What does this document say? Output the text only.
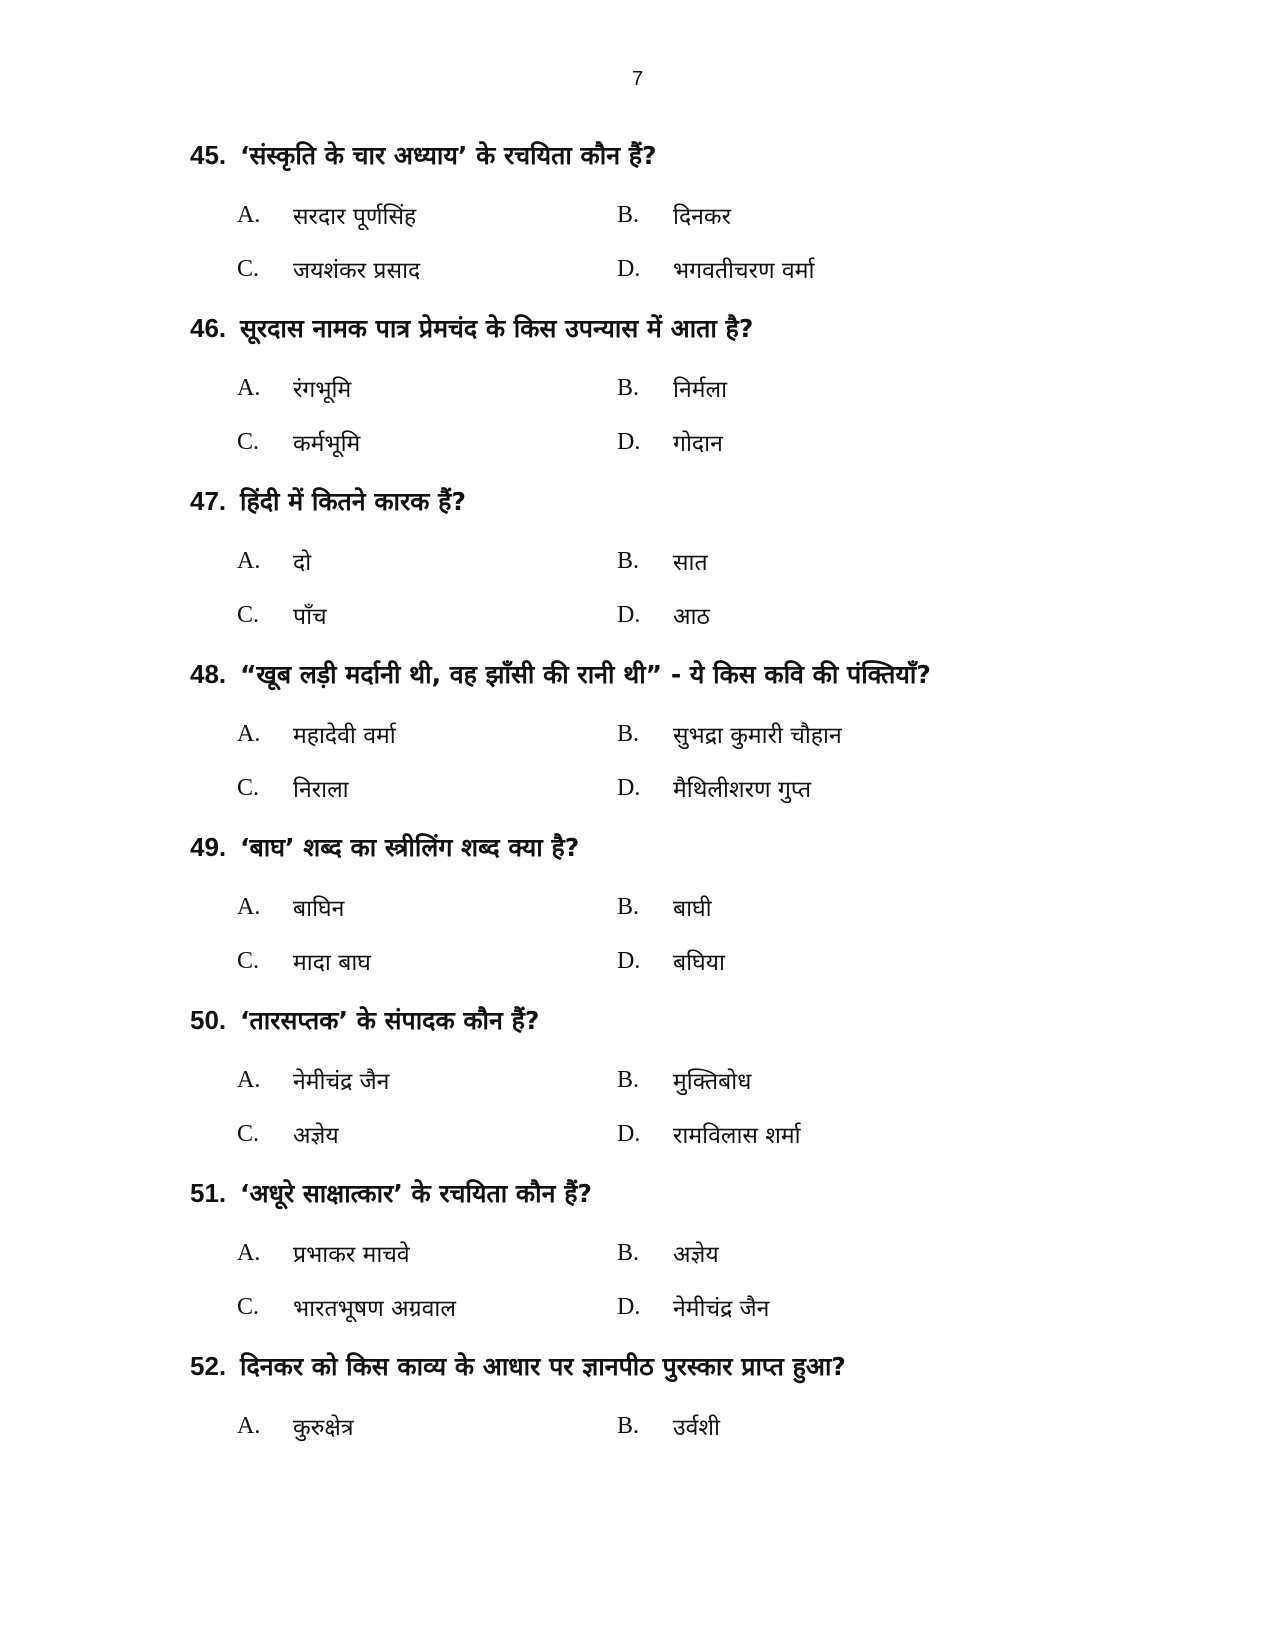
7
45. ‘संस्कृति के चार अध्याय’ के रचयिता कौन हैं?
A.	सरदार पूर्णसिंह	B.	दिनकर
C.	जयशंकर प्रसाद	D.	भगवतीचरण वर्मा
46. सूरदास नामक पात्र प्रेमचंद के किस उपन्यास में आता है?
A.	रंगभूमि	B.	निर्मला
C.	कर्मभूमि	D.	गोदान
47. हिंदी में कितने कारक हैं?
A.	दो	B.	सात
C.	पाँच	D.	आठ
48. “खूब लड़ी मर्दानी थी, वह झाँसी की रानी थी” - ये किस कवि की पंक्तियाँ?
A.	महादेवी वर्मा	B.	सुभद्रा कुमारी चौहान
C.	निराला	D.	मैथिलीशरण गुप्त
49. ‘बाघ’ शब्द का स्त्रीलिंग शब्द क्या है?
A.	बाघिन	B.	बाघी
C.	मादा बाघ	D.	बघिया
50. ‘तारसप्तक’ के संपादक कौन हैं?
A.	नेमीचंद्र जैन	B.	मुक्तिबोध
C.	अज्ञेय	D.	रामविलास शर्मा
51. ‘अधूरे साक्षात्कार’ के रचयिता कौन हैं?
A.	प्रभाकर माचवे	B.	अज्ञेय
C.	भारतभूषण अग्रवाल	D.	नेमीचंद्र जैन
52. दिनकर को किस काव्य के आधार पर ज्ञानपीठ पुरस्कार प्राप्त हुआ?
A.	कुरुक्षेत्र	B.	उर्वशी
